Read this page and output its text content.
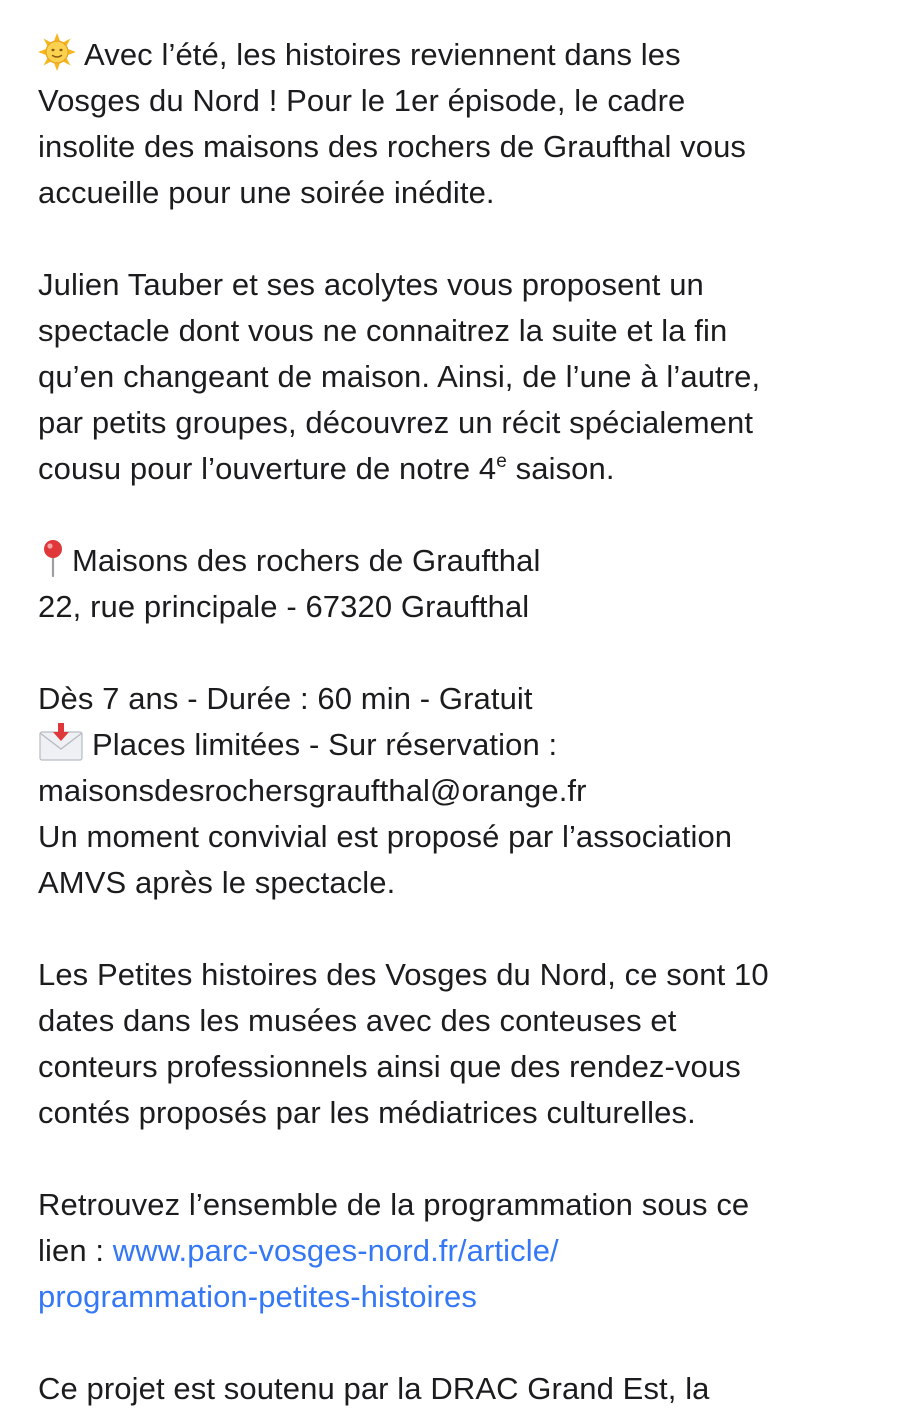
Avec l’été, les histoires reviennent dans les
Vosges du Nord ! Pour le 1er épisode, le cadre
insolite des maisons des rochers de Graufthal vous
accueille pour une soirée inédite.
Julien Tauber et ses acolytes vous proposent un
spectacle dont vous ne connaitrez la suite et la fin
qu’en changeant de maison. Ainsi, de l’une à l’autre,
par petits groupes, découvrez un récit spécialement
cousu pour l’ouverture de notre 4e saison.
Maisons des rochers de Graufthal
22, rue principale - 67320 Graufthal
Dès 7 ans - Durée : 60 min - Gratuit
Places limitées - Sur réservation :
maisonsdesrochersgraufthal@orange.fr
Un moment convivial est proposé par l’association
AMVS après le spectacle.
Les Petites histoires des Vosges du Nord, ce sont 10
dates dans les musées avec des conteuses et
conteurs professionnels ainsi que des rendez-vous
contés proposés par les médiatrices culturelles.
Retrouvez l’ensemble de la programmation sous ce
lien : www.parc-vosges-nord.fr/article/
programmation-petites-histoires
Ce projet est soutenu par la DRAC Grand Est, la
